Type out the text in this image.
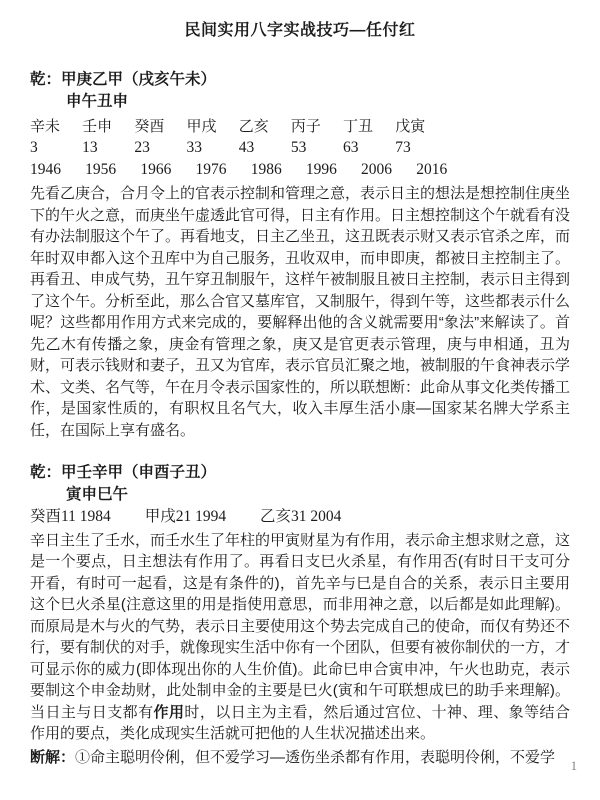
民间实用八字实战技巧—任付红
乾：甲庚乙甲（戌亥午未）
申午丑申
辛未 壬申 癸酉 甲戌 乙亥 丙子 丁丑 戊寅
3	13 23 33 43 53 63 73
1946 1956 1966 1976 1986 1996 2006 2016
先看乙庚合，合月令上的官表示控制和管理之意，表示日主的想法是想控制住庚坐下的午火之意，而庚坐午虚透此官可得，日主有作用。日主想控制这个午就看有没有办法制服这个午了。再看地支，日主乙坐丑，这丑既表示财又表示官杀之库，而年时双申都入这个丑库中为自己服务，丑收双申，而申即庚，都被日主控制主了。再看丑、申成气势，丑午穿丑制服午，这样午被制服且被日主控制，表示日主得到了这个午。分析至此，那么合官又墓库官，又制服午，得到午等，这些都表示什么呢？这些都用作用方式来完成的，要解释出他的含义就需要用“象法”来解读了。首先乙木有传播之象，庚金有管理之象，庚又是官更表示管理，庚与申相通，丑为财，可表示钱财和妻子，丑又为官库，表示官员汇聚之地，被制服的午食神表示学术、文类、名气等，午在月令表示国家性的，所以联想断：此命从事文化类传播工作，是国家性质的，有职权且名气大，收入丰厚生活小康—国家某名牌大学系主任，在国际上享有盛名。
乾：甲壬辛甲（申酉子丑）
寅申巳午
癸酉11 1984 甲戌21 1994 乙亥31 2004
辛日主生了壬水，而壬水生了年柱的甲寅财星为有作用，表示命主想求财之意，这是一个要点，日主想法有作用了。再看日支巳火杀星，有作用否(有时日干支可分开看，有时可一起看，这是有条件的)，首先辛与巳是自合的关系，表示日主要用这个巳火杀星(注意这里的用是指使用意思，而非用神之意，以后都是如此理解)。而原局是木与火的气势，表示日主要使用这个势去完成自己的使命，而仅有势还不行，要有制伏的对手，就像现实生活中你有一个团队，但要有被你制伏的一方，才可显示你的威力(即体现出你的人生价值)。此命巳申合寅申冲，午火也助克，表示要制这个申金劫财，此处制申金的主要是巳火(寅和午可联想成巳的助手来理解)。当日主与日支都有作用时，以日主为主看，然后通过宫位、十神、理、象等结合作用的要点，类化成现实生活就可把他的人生状况描述出来。
断解：①命主聪明伶俐，但不爱学习—透伤坐杀都有作用，表聪明伶俐，不爱学
1
